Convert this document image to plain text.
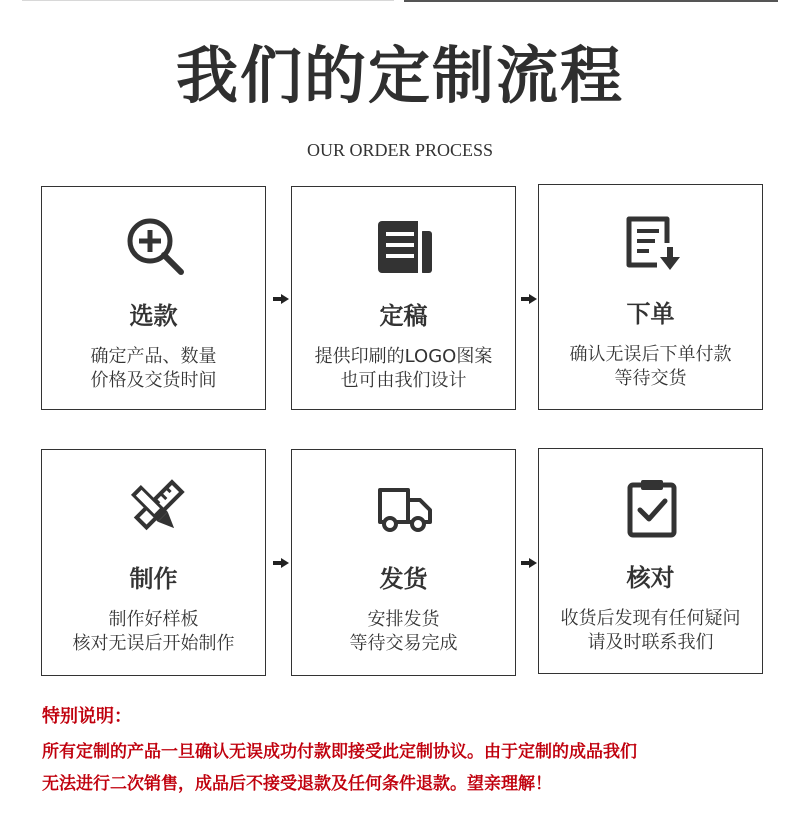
我们的定制流程
OUR ORDER PROCESS
选款
确定产品、数量
价格及交货时间
定稿
提供印刷的LOGO图案
也可由我们设计
下单
确认无误后下单付款
等待交货
制作
制作好样板
核对无误后开始制作
发货
安排发货
等待交易完成
核对
收货后发现有任何疑问
请及时联系我们
特别说明：
所有定制的产品一旦确认无误成功付款即接受此定制协议。由于定制的成品我们
无法进行二次销售，成品后不接受退款及任何条件退款。望亲理解！
